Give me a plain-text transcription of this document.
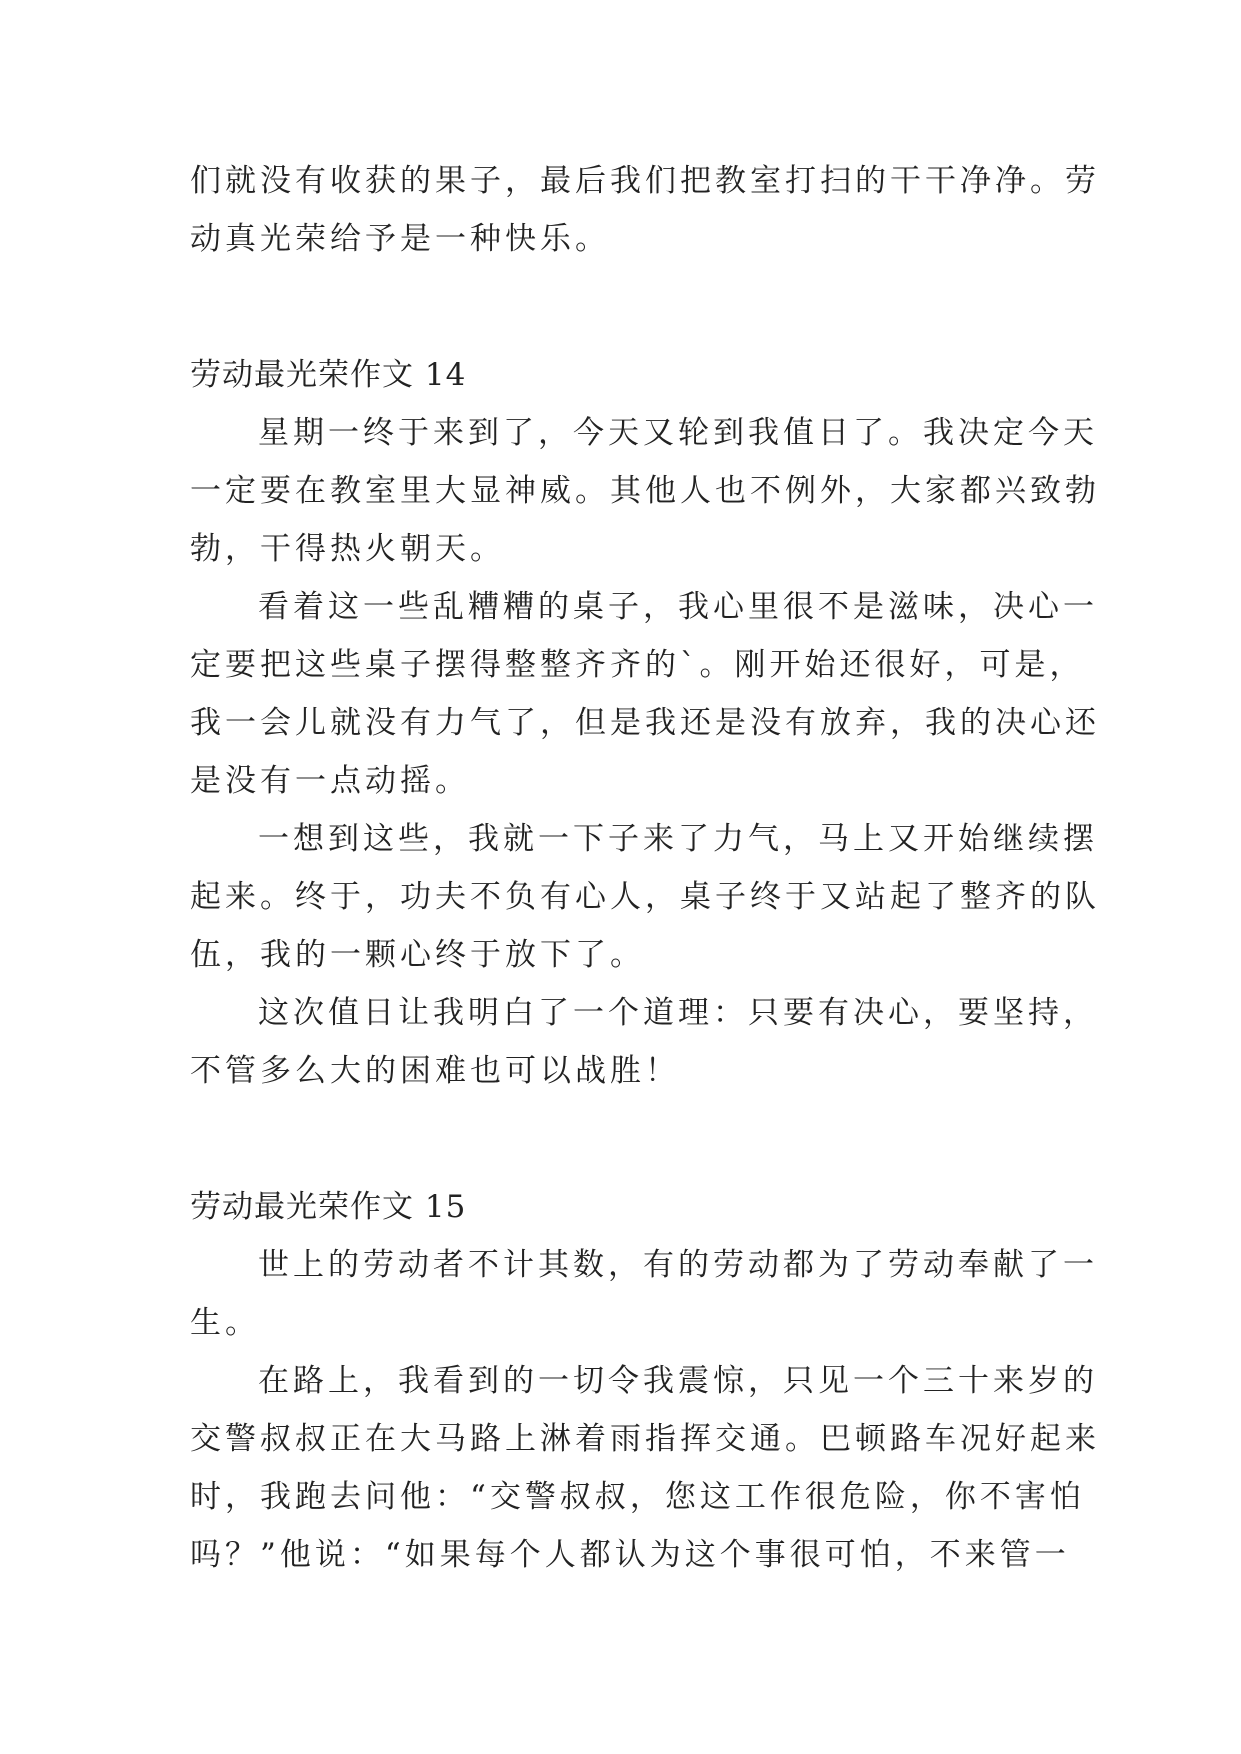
们就没有收获的果子，最后我们把教室打扫的干干净净。劳
动真光荣给予是一种快乐。
劳动最光荣作文 14
星期一终于来到了，今天又轮到我值日了。我决定今天
一定要在教室里大显神威。其他人也不例外，大家都兴致勃
勃，干得热火朝天。
看着这一些乱糟糟的桌子，我心里很不是滋味，决心一
定要把这些桌子摆得整整齐齐的`。刚开始还很好，可是，
我一会儿就没有力气了，但是我还是没有放弃，我的决心还
是没有一点动摇。
一想到这些，我就一下子来了力气，马上又开始继续摆
起来。终于，功夫不负有心人，桌子终于又站起了整齐的队
伍，我的一颗心终于放下了。
这次值日让我明白了一个道理：只要有决心，要坚持，
不管多么大的困难也可以战胜！
劳动最光荣作文 15
世上的劳动者不计其数，有的劳动都为了劳动奉献了一
生。
在路上，我看到的一切令我震惊，只见一个三十来岁的
交警叔叔正在大马路上淋着雨指挥交通。巴顿路车况好起来
时，我跑去问他：“交警叔叔，您这工作很危险，你不害怕
吗？”他说：“如果每个人都认为这个事很可怕，不来管一
